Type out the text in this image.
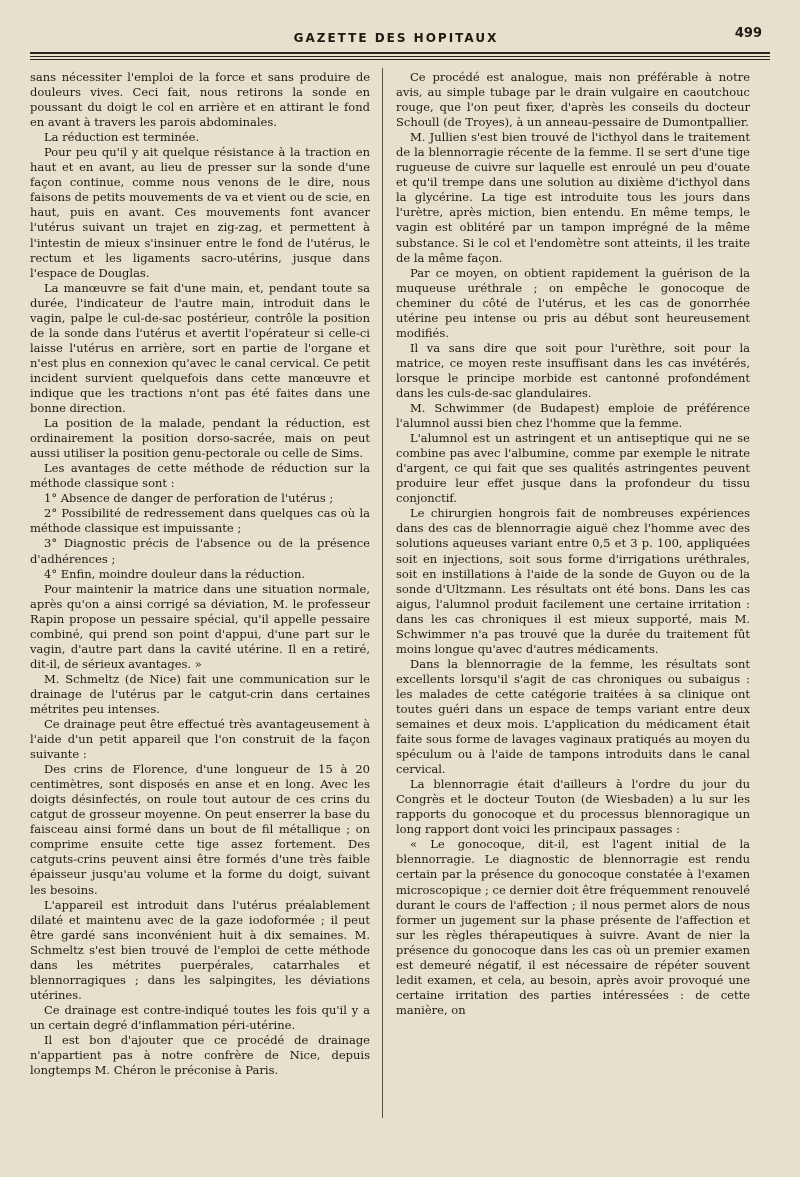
GAZETTE DES HOPITAUX	499

sans nécessiter l'emploi de la force et sans produire de douleurs vives. Ceci fait, nous retirons la sonde en poussant du doigt le col en arrière et en attirant le fond en avant à travers les parois abdominales.

La réduction est terminée.

Pour peu qu'il y ait quelque résistance à la traction en haut et en avant, au lieu de presser sur la sonde d'une façon continue, comme nous venons de le dire, nous faisons de petits mouvements de va et vient ou de scie, en haut, puis en avant. Ces mouvements font avancer l'utérus suivant un trajet en zig-zag, et permettent à l'intestin de mieux s'insinuer entre le fond de l'utérus, le rectum et les ligaments sacro-utérins, jusque dans l'espace de Douglas.

La manœuvre se fait d'une main, et, pendant toute sa durée, l'indicateur de l'autre main, introduit dans le vagin, palpe le cul-de-sac postérieur, contrôle la position de la sonde dans l'utérus et avertit l'opérateur si celle-ci laisse l'utérus en arrière, sort en partie de l'organe et n'est plus en connexion qu'avec le canal cervical. Ce petit incident survient quelquefois dans cette manœuvre et indique que les tractions n'ont pas été faites dans une bonne direction.

La position de la malade, pendant la réduction, est ordinairement la position dorso-sacrée, mais on peut aussi utiliser la position genu-pectorale ou celle de Sims.

Les avantages de cette méthode de réduction sur la méthode classique sont :

1° Absence de danger de perforation de l'utérus ;

2° Possibilité de redressement dans quelques cas où la méthode classique est impuissante ;

3° Diagnostic précis de l'absence ou de la présence d'adhérences ;

4° Enfin, moindre douleur dans la réduction.

Pour maintenir la matrice dans une situation normale, après qu'on a ainsi corrigé sa déviation, M. le professeur Rapin propose un pessaire spécial, qu'il appelle pessaire combiné, qui prend son point d'appui, d'une part sur le vagin, d'autre part dans la cavité utérine. Il en a retiré, dit-il, de sérieux avantages. »

M. Schmeltz (de Nice) fait une communication sur le drainage de l'utérus par le catgut-crin dans certaines métrites peu intenses.

Ce drainage peut être effectué très avantageusement à l'aide d'un petit appareil que l'on construit de la façon suivante :

Des crins de Florence, d'une longueur de 15 à 20 centimètres, sont disposés en anse et en long. Avec les doigts désinfectés, on roule tout autour de ces crins du catgut de grosseur moyenne. On peut enserrer la base du faisceau ainsi formé dans un bout de fil métallique ; on comprime ensuite cette tige assez fortement. Des catguts-crins peuvent ainsi être formés d'une très faible épaisseur jusqu'au volume et la forme du doigt, suivant les besoins.

L'appareil est introduit dans l'utérus préalablement dilaté et maintenu avec de la gaze iodoformée ; il peut être gardé sans inconvénient huit à dix semaines. M. Schmeltz s'est bien trouvé de l'emploi de cette méthode dans les métrites puerpérales, catarrhales et blennorragiques ; dans les salpingites, les déviations utérines.

Ce drainage est contre-indiqué toutes les fois qu'il y a un certain degré d'inflammation péri-utérine.

Il est bon d'ajouter que ce procédé de drainage n'appartient pas à notre confrère de Nice, depuis longtemps M. Chéron le préconise à Paris.

Ce procédé est analogue, mais non préférable à notre avis, au simple tubage par le drain vulgaire en caoutchouc rouge, que l'on peut fixer, d'après les conseils du docteur Schoull (de Troyes), à un anneau-pessaire de Dumontpallier.

M. Jullien s'est bien trouvé de l'icthyol dans le traitement de la blennorragie récente de la femme. Il se sert d'une tige rugueuse de cuivre sur laquelle est enroulé un peu d'ouate et qu'il trempe dans une solution au dixième d'icthyol dans la glycérine. La tige est introduite tous les jours dans l'urètre, après miction, bien entendu. En même temps, le vagin est oblitéré par un tampon imprégné de la même substance. Si le col et l'endomètre sont atteints, il les traite de la même façon.

Par ce moyen, on obtient rapidement la guérison de la muqueuse uréthrale ; on empêche le gonocoque de cheminer du côté de l'utérus, et les cas de gonorrhée utérine peu intense ou pris au début sont heureusement modifiés.

Il va sans dire que soit pour l'urèthre, soit pour la matrice, ce moyen reste insuffisant dans les cas invétérés, lorsque le principe morbide est cantonné profondément dans les culs-de-sac glandulaires.

M. Schwimmer (de Budapest) emploie de préférence l'alumnol aussi bien chez l'homme que la femme.

L'alumnol est un astringent et un antiseptique qui ne se combine pas avec l'albumine, comme par exemple le nitrate d'argent, ce qui fait que ses qualités astringentes peuvent produire leur effet jusque dans la profondeur du tissu conjonctif.

Le chirurgien hongrois fait de nombreuses expériences dans des cas de blennorragie aiguë chez l'homme avec des solutions aqueuses variant entre 0,5 et 3 p. 100, appliquées soit en injections, soit sous forme d'irrigations uréthrales, soit en instillations à l'aide de la sonde de Guyon ou de la sonde d'Ultzmann. Les résultats ont été bons. Dans les cas aigus, l'alumnol produit facilement une certaine irritation : dans les cas chroniques il est mieux supporté, mais M. Schwimmer n'a pas trouvé que la durée du traitement fût moins longue qu'avec d'autres médicaments.

Dans la blennorragie de la femme, les résultats sont excellents lorsqu'il s'agit de cas chroniques ou subaigus : les malades de cette catégorie traitées à sa clinique ont toutes guéri dans un espace de temps variant entre deux semaines et deux mois. L'application du médicament était faite sous forme de lavages vaginaux pratiqués au moyen du spéculum ou à l'aide de tampons introduits dans le canal cervical.

La blennorragie était d'ailleurs à l'ordre du jour du Congrès et le docteur Touton (de Wiesbaden) a lu sur les rapports du gonocoque et du processus blennoragique un long rapport dont voici les principaux passages :

« Le gonocoque, dit-il, est l'agent initial de la blennorragie. Le diagnostic de blennorragie est rendu certain par la présence du gonocoque constatée à l'examen microscopique ; ce dernier doit être fréquemment renouvelé durant le cours de l'affection ; il nous permet alors de nous former un jugement sur la phase présente de l'affection et sur les règles thérapeutiques à suivre. Avant de nier la présence du gonocoque dans les cas où un premier examen est demeuré négatif, il est nécessaire de répéter souvent ledit examen, et cela, au besoin, après avoir provoqué une certaine irritation des parties intéressées : de cette manière, on
